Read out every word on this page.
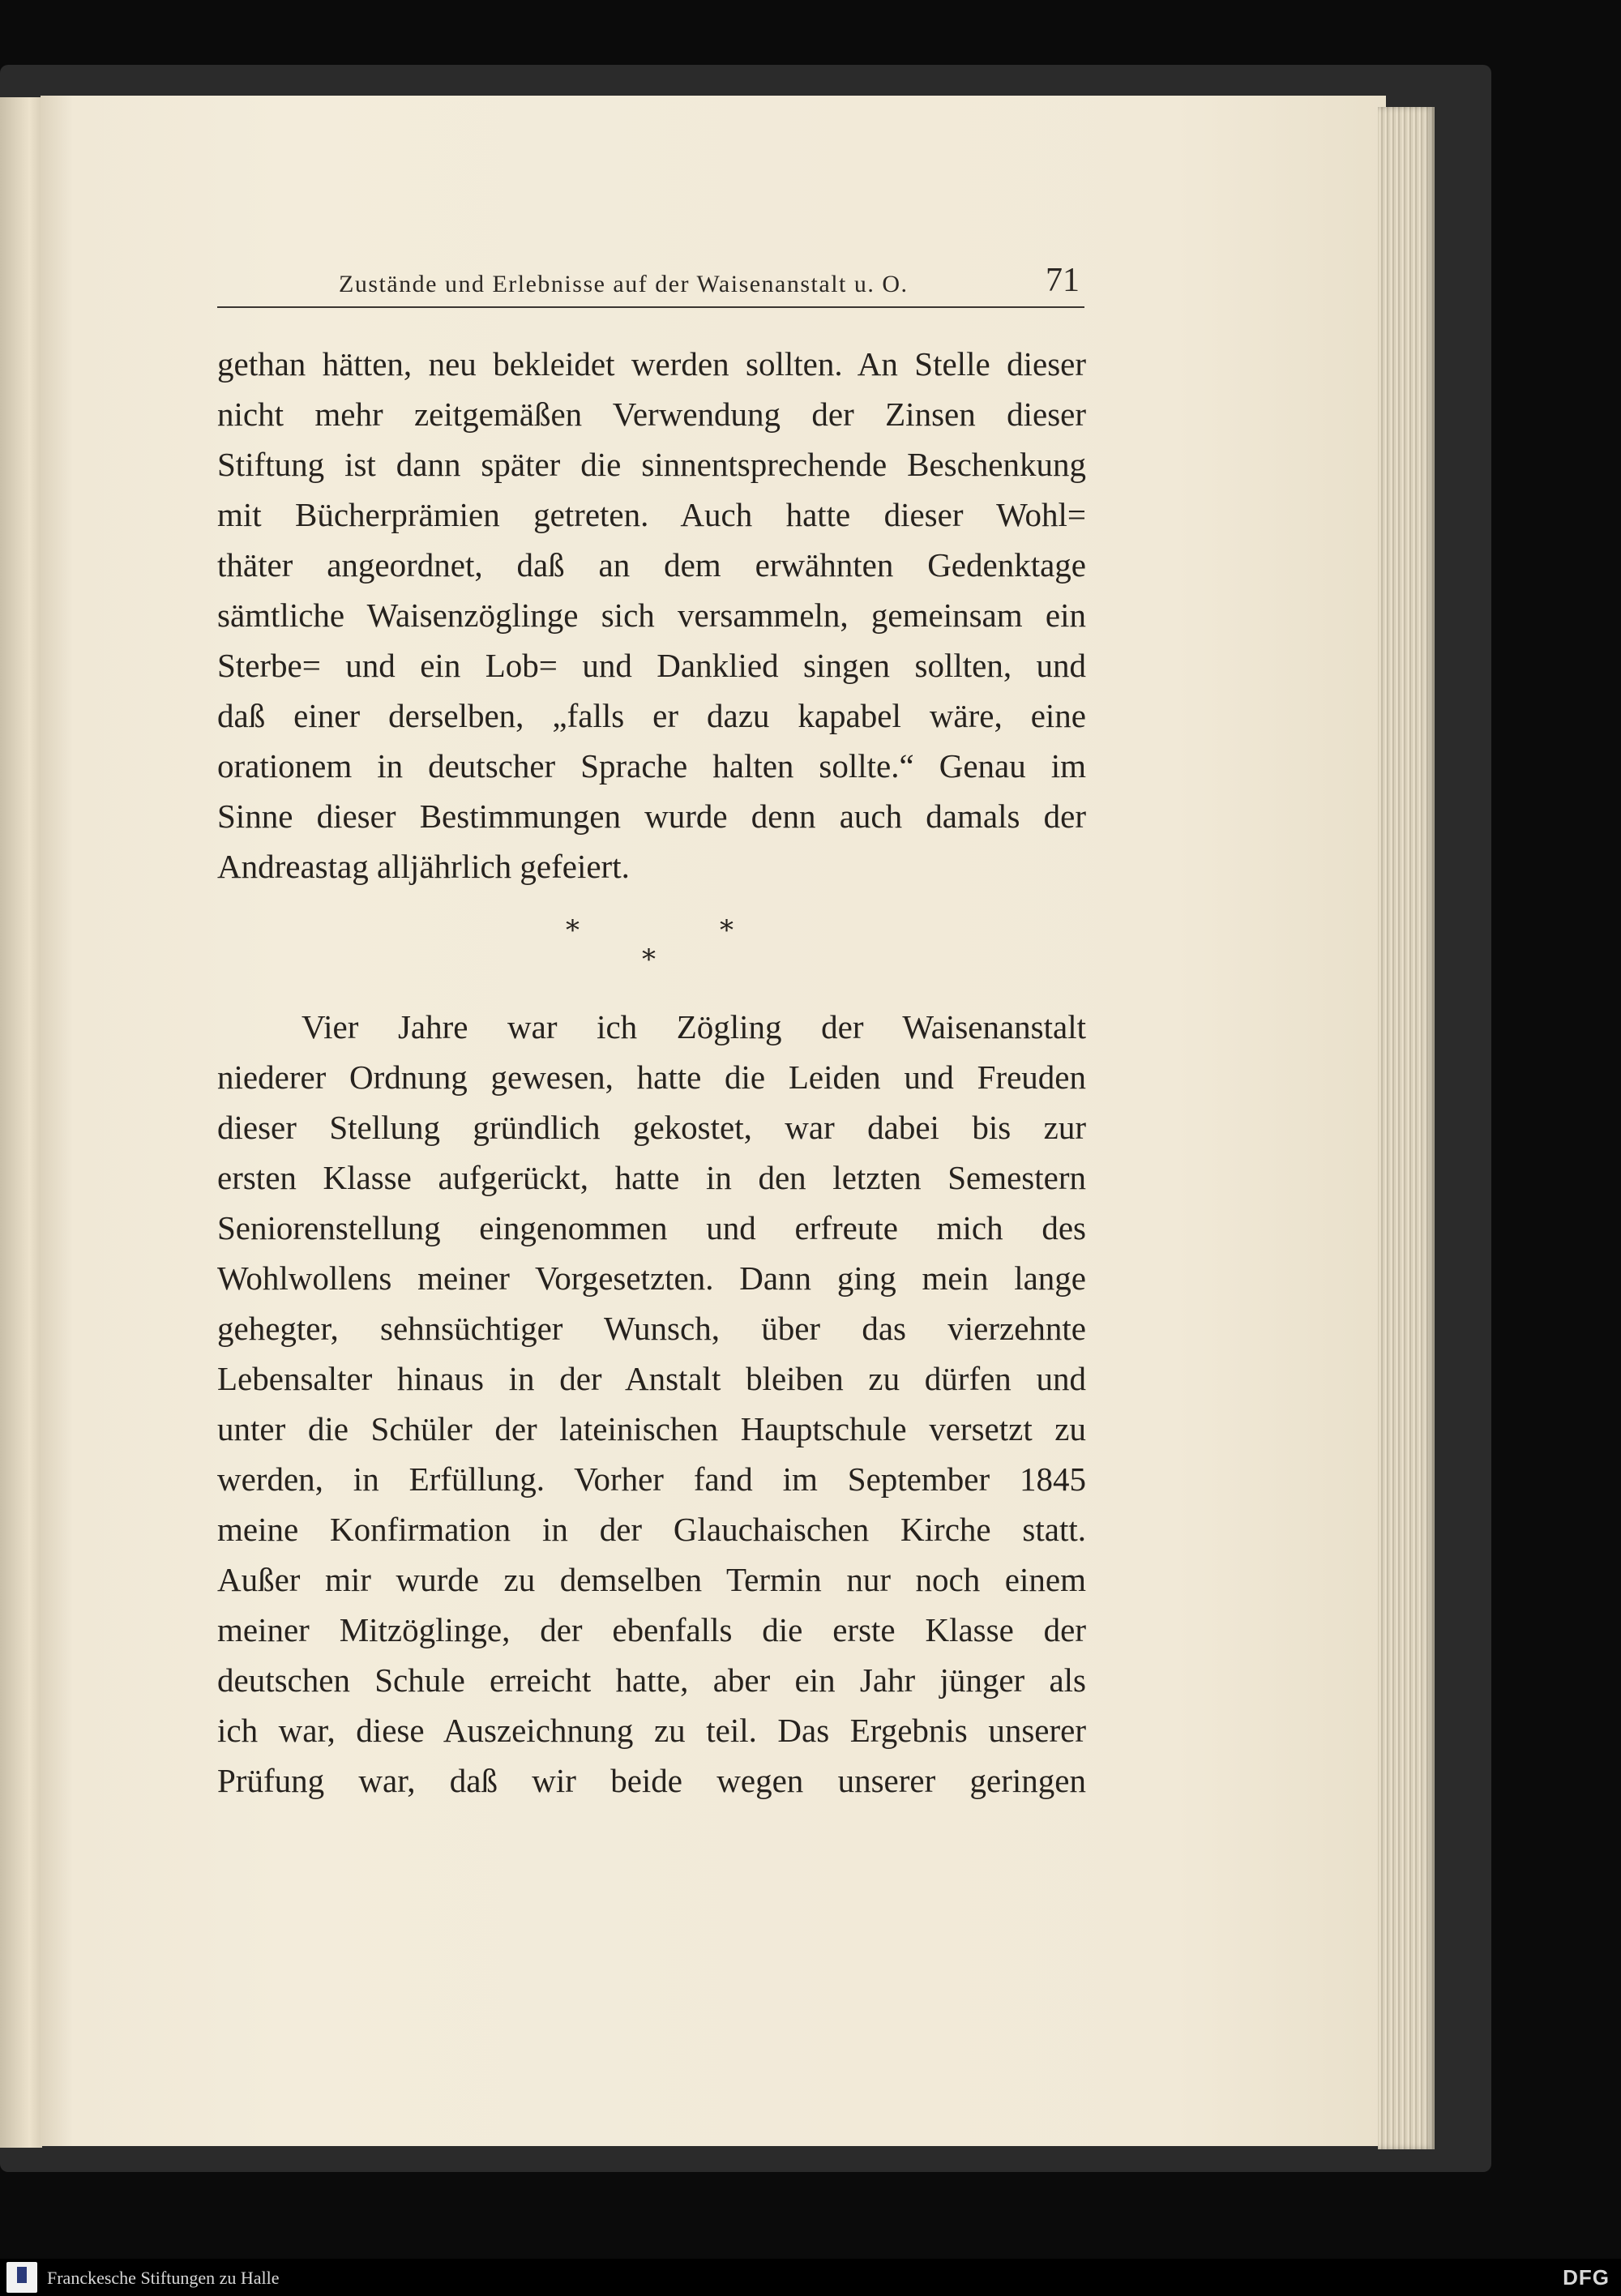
Zustände und Erlebnisse auf der Waisenanstalt u. O.	71
gethan hätten, neu bekleidet werden sollten. An Stelle dieser
nicht mehr zeitgemäßen Verwendung der Zinsen dieser
Stiftung ist dann später die sinnentsprechende Beschenkung
mit Bücherprämien getreten. Auch hatte dieser Wohl=
thäter angeordnet, daß an dem erwähnten Gedenktage
sämtliche Waisenzöglinge sich versammeln, gemeinsam ein
Sterbe= und ein Lob= und Danklied singen sollten, und
daß einer derselben, „falls er dazu kapabel wäre, eine
orationem in deutscher Sprache halten sollte.“ Genau im
Sinne dieser Bestimmungen wurde denn auch damals der
Andreastag alljährlich gefeiert.
*	*
*
Vier Jahre war ich Zögling der Waisenanstalt
niederer Ordnung gewesen, hatte die Leiden und Freuden
dieser Stellung gründlich gekostet, war dabei bis zur
ersten Klasse aufgerückt, hatte in den letzten Semestern
Seniorenstellung eingenommen und erfreute mich des
Wohlwollens meiner Vorgesetzten. Dann ging mein lange
gehegter, sehnsüchtiger Wunsch, über das vierzehnte
Lebensalter hinaus in der Anstalt bleiben zu dürfen und
unter die Schüler der lateinischen Hauptschule versetzt zu
werden, in Erfüllung. Vorher fand im September 1845
meine Konfirmation in der Glauchaischen Kirche statt.
Außer mir wurde zu demselben Termin nur noch einem
meiner Mitzöglinge, der ebenfalls die erste Klasse der
deutschen Schule erreicht hatte, aber ein Jahr jünger als
ich war, diese Auszeichnung zu teil. Das Ergebnis unserer
Prüfung war, daß wir beide wegen unserer geringen
Franckesche Stiftungen zu Halle	DFG
